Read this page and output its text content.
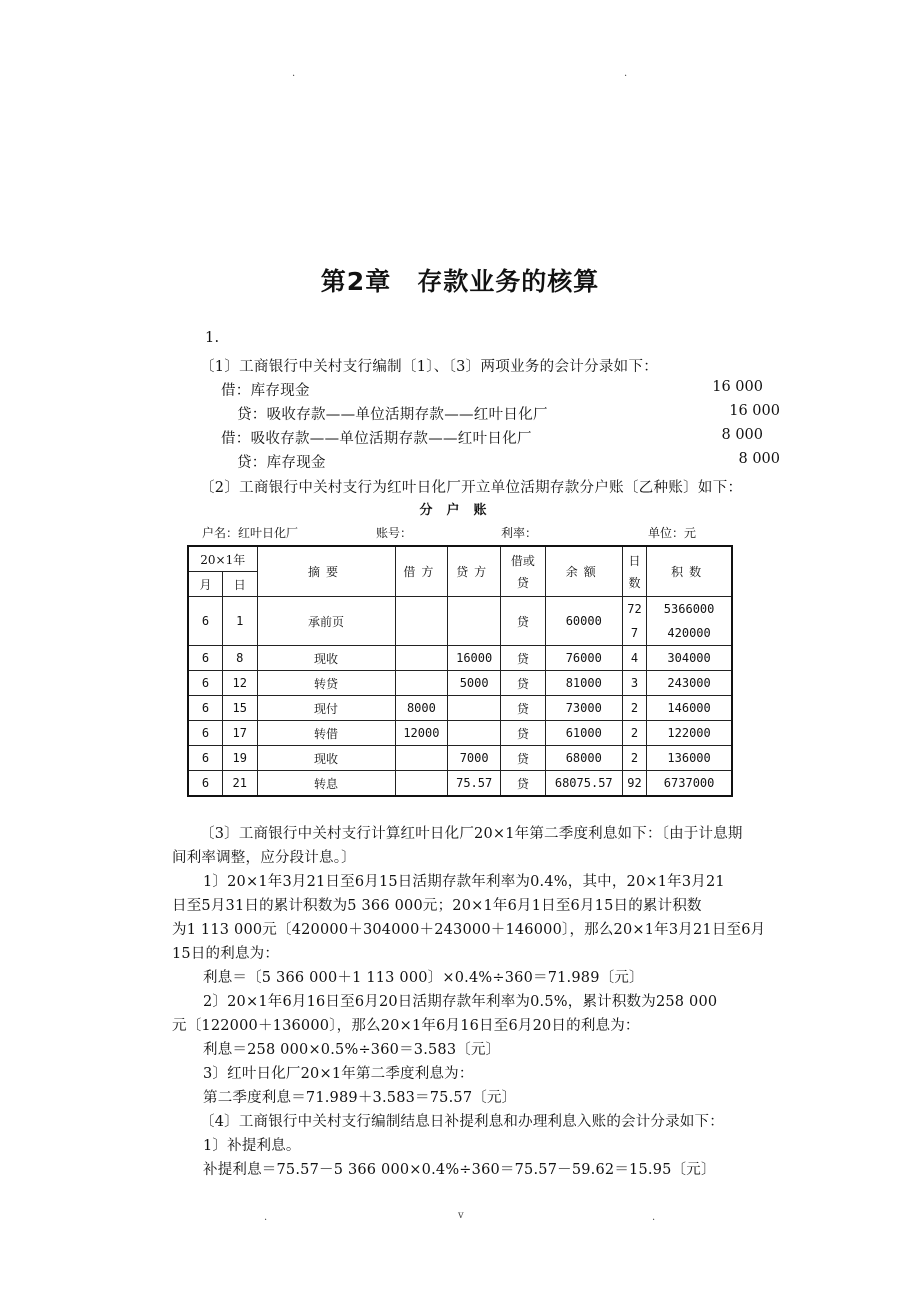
.	.
第2章　存款业务的核算
1.
〔1〕工商银行中关村支行编制〔1〕、〔3〕两项业务的会计分录如下：
借：库存现金	16 000
贷：吸收存款——单位活期存款——红叶日化厂	16 000
借：吸收存款——单位活期存款——红叶日化厂	8 000
贷：库存现金	8 000
〔2〕工商银行中关村支行为红叶日化厂开立单位活期存款分户账〔乙种账〕如下：
分户账
户名：红叶日化厂	账号：	利率：	单位：元
20×1年		摘要	借方	贷方	借或贷	余额	日数	积数
月	日							
6	1	承前页			贷	60000	72	5366000
							7	420000
6	8	现收		16000	贷	76000	4	304000
6	12	转贷		5000	贷	81000	3	243000
6	15	现付	8000		贷	73000	2	146000
6	17	转借	12000		贷	61000	2	122000
6	19	现收		7000	贷	68000	2	136000
6	21	转息		75.57	贷	68075.57	92	6737000
〔3〕工商银行中关村支行计算红叶日化厂20×1年第二季度利息如下：〔由于计息期
间利率调整，应分段计息。〕
1〕20×1年3月21日至6月15日活期存款年利率为0.4%，其中，20×1年3月21
日至5月31日的累计积数为5 366 000元；20×1年6月1日至6月15日的累计积数
为1 113 000元〔420000＋304000＋243000＋146000〕，那么20×1年3月21日至6月
15日的利息为：
利息＝〔5 366 000＋1 113 000〕×0.4%÷360＝71.989〔元〕
2〕20×1年6月16日至6月20日活期存款年利率为0.5%，累计积数为258 000
元〔122000＋136000〕，那么20×1年6月16日至6月20日的利息为：
利息＝258 000×0.5%÷360＝3.583〔元〕
3〕红叶日化厂20×1年第二季度利息为：
第二季度利息＝71.989＋3.583＝75.57〔元〕
〔4〕工商银行中关村支行编制结息日补提利息和办理利息入账的会计分录如下：
1〕补提利息。
补提利息＝75.57－5 366 000×0.4%÷360＝75.57－59.62＝15.95〔元〕
.	v	.
